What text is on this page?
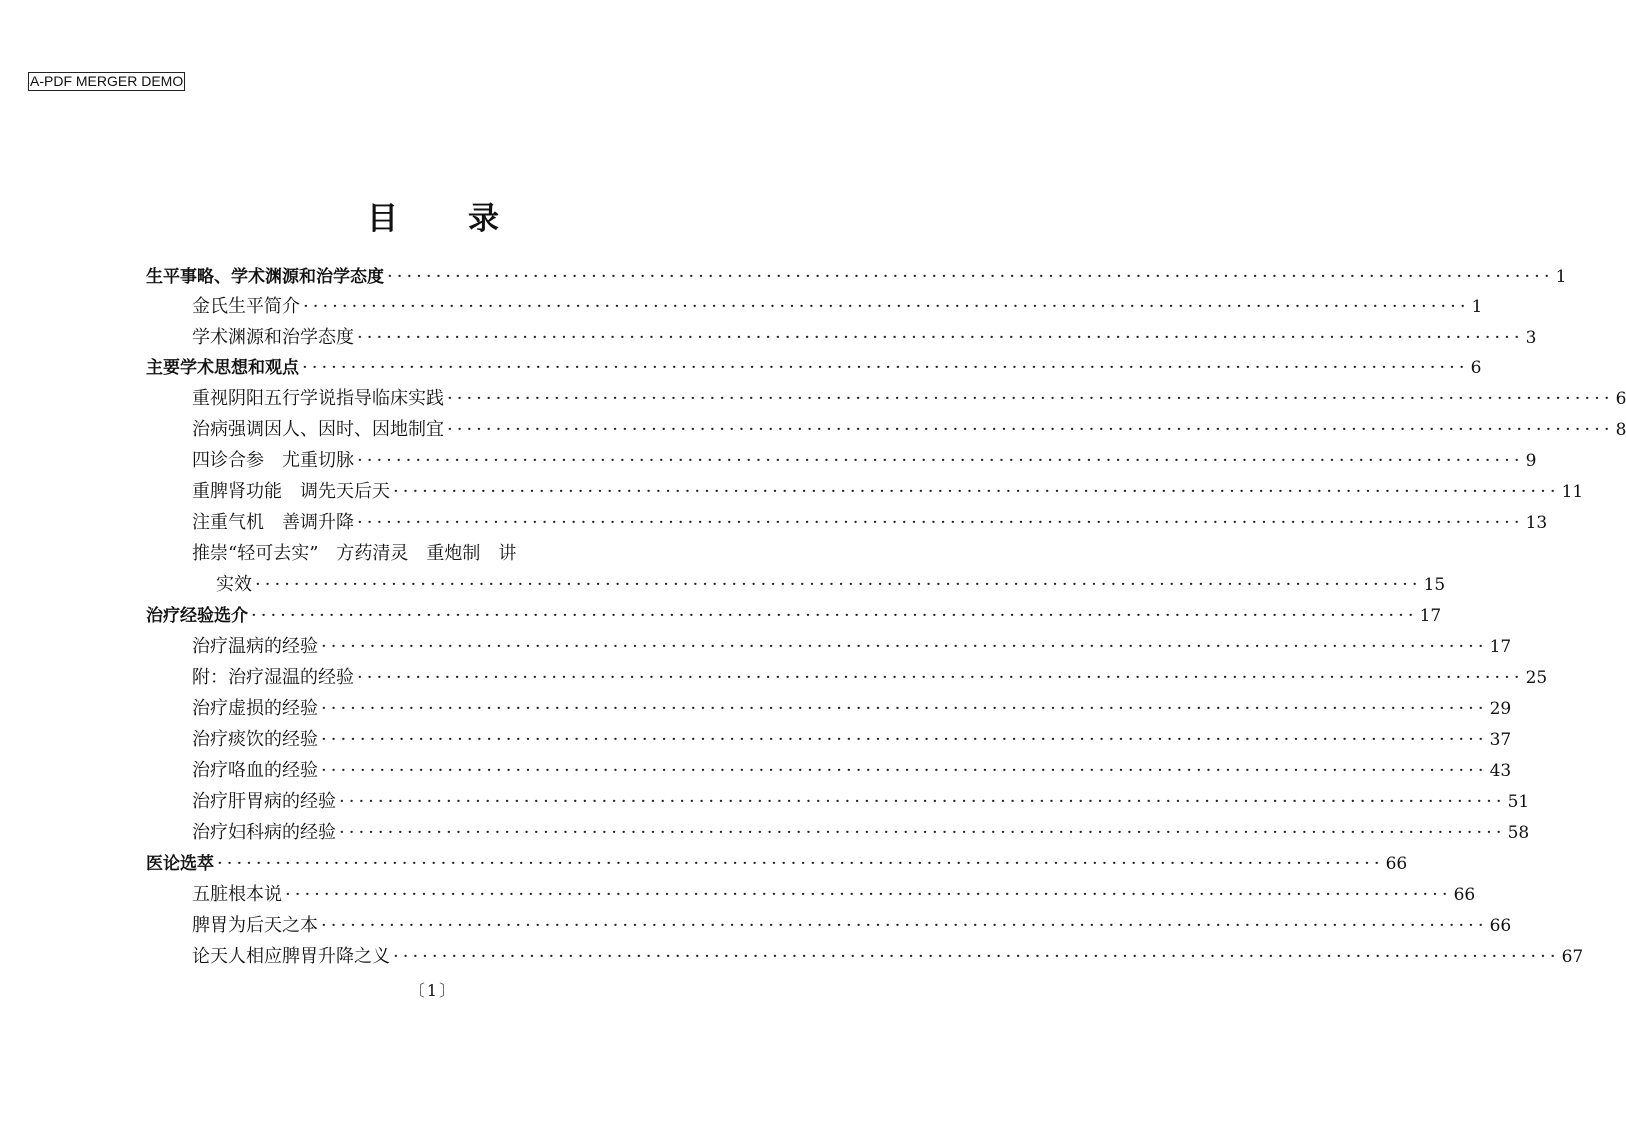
A-PDF MERGER DEMO
目 录
生平事略、学术渊源和治学态度 ························································································································ 1
金氏生平简介 ························································································································ 1
学术渊源和治学态度 ························································································································ 3
主要学术思想和观点 ························································································································ 6
重视阴阳五行学说指导临床实践 ························································································································ 6
治病强调因人、因时、因地制宜 ························································································································ 8
四诊合参　尤重切脉 ························································································································ 9
重脾肾功能　调先天后天 ························································································································ 11
注重气机　善调升降 ························································································································ 13
推崇“轻可去实”　方药清灵　重炮制　讲
实效 ························································································································ 15
治疗经验选介 ························································································································ 17
治疗温病的经验 ························································································································ 17
附：治疗湿温的经验 ························································································································ 25
治疗虚损的经验 ························································································································ 29
治疗痰饮的经验 ························································································································ 37
治疗咯血的经验 ························································································································ 43
治疗肝胃病的经验 ························································································································ 51
治疗妇科病的经验 ························································································································ 58
医论选萃 ························································································································ 66
五脏根本说 ························································································································ 66
脾胃为后天之本 ························································································································ 66
论天人相应脾胃升降之义 ························································································································ 67
〔1〕
